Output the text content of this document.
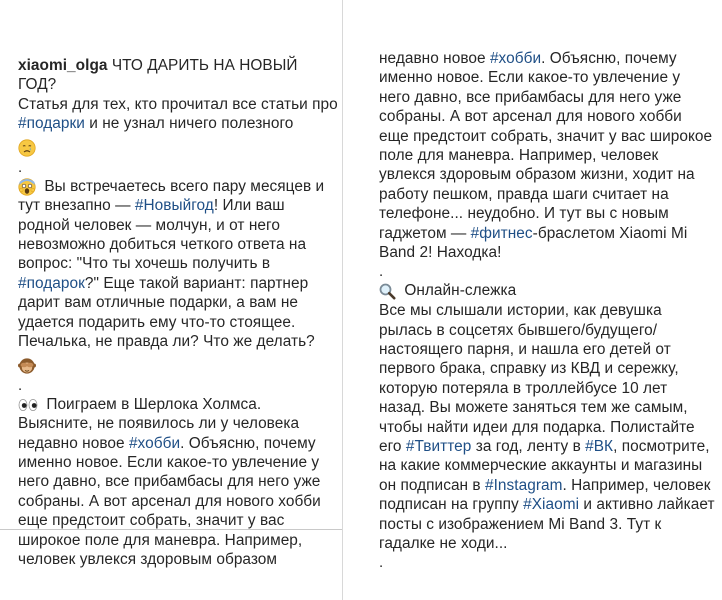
xiaomi_olga ЧТО ДАРИТЬ НА НОВЫЙ ГОД?

Статья для тех, кто прочитал все статьи про #подарки и не узнал ничего полезного

.

Вы встречаетесь всего пару месяцев и тут внезапно — #Новыйгод! Или ваш родной человек — молчун, и от него невозможно добиться четкого ответа на вопрос: "Что ты хочешь получить в #подарок?" Еще такой вариант: партнер дарит вам отличные подарки, а вам не удается подарить ему что-то стоящее. Печалька, не правда ли? Что же делать?

.

Поиграем в Шерлока Холмса.

Выясните, не появилось ли у человека недавно новое #хобби. Объясню, почему именно новое. Если какое-то увлечение у него давно, все прибамбасы для него уже собраны. А вот арсенал для нового хобби еще предстоит собрать, значит у вас широкое поле для маневра. Например, человек увлекся здоровым образом

недавно новое #хобби. Объясню, почему именно новое. Если какое-то увлечение у него давно, все прибамбасы для него уже собраны. А вот арсенал для нового хобби еще предстоит собрать, значит у вас широкое поле для маневра. Например, человек увлекся здоровым образом жизни, ходит на работу пешком, правда шаги считает на телефоне... неудобно. И тут вы с новым гаджетом — #фитнес-браслетом Xiaomi Mi Band 2! Находка!

.

Онлайн-слежка

Все мы слышали истории, как девушка рылась в соцсетях бывшего/будущего/настоящего парня, и нашла его детей от первого брака, справку из КВД и сережку, которую потеряла в троллейбусе 10 лет назад. Вы можете заняться тем же самым, чтобы найти идеи для подарка. Полистайте его #Твиттер за год, ленту в #ВК, посмотрите, на какие коммерческие аккаунты и магазины он подписан в #Instagram. Например, человек подписан на группу #Xiaomi и активно лайкает посты с изображением Mi Band 3. Тут к гадалке не ходи...

.
